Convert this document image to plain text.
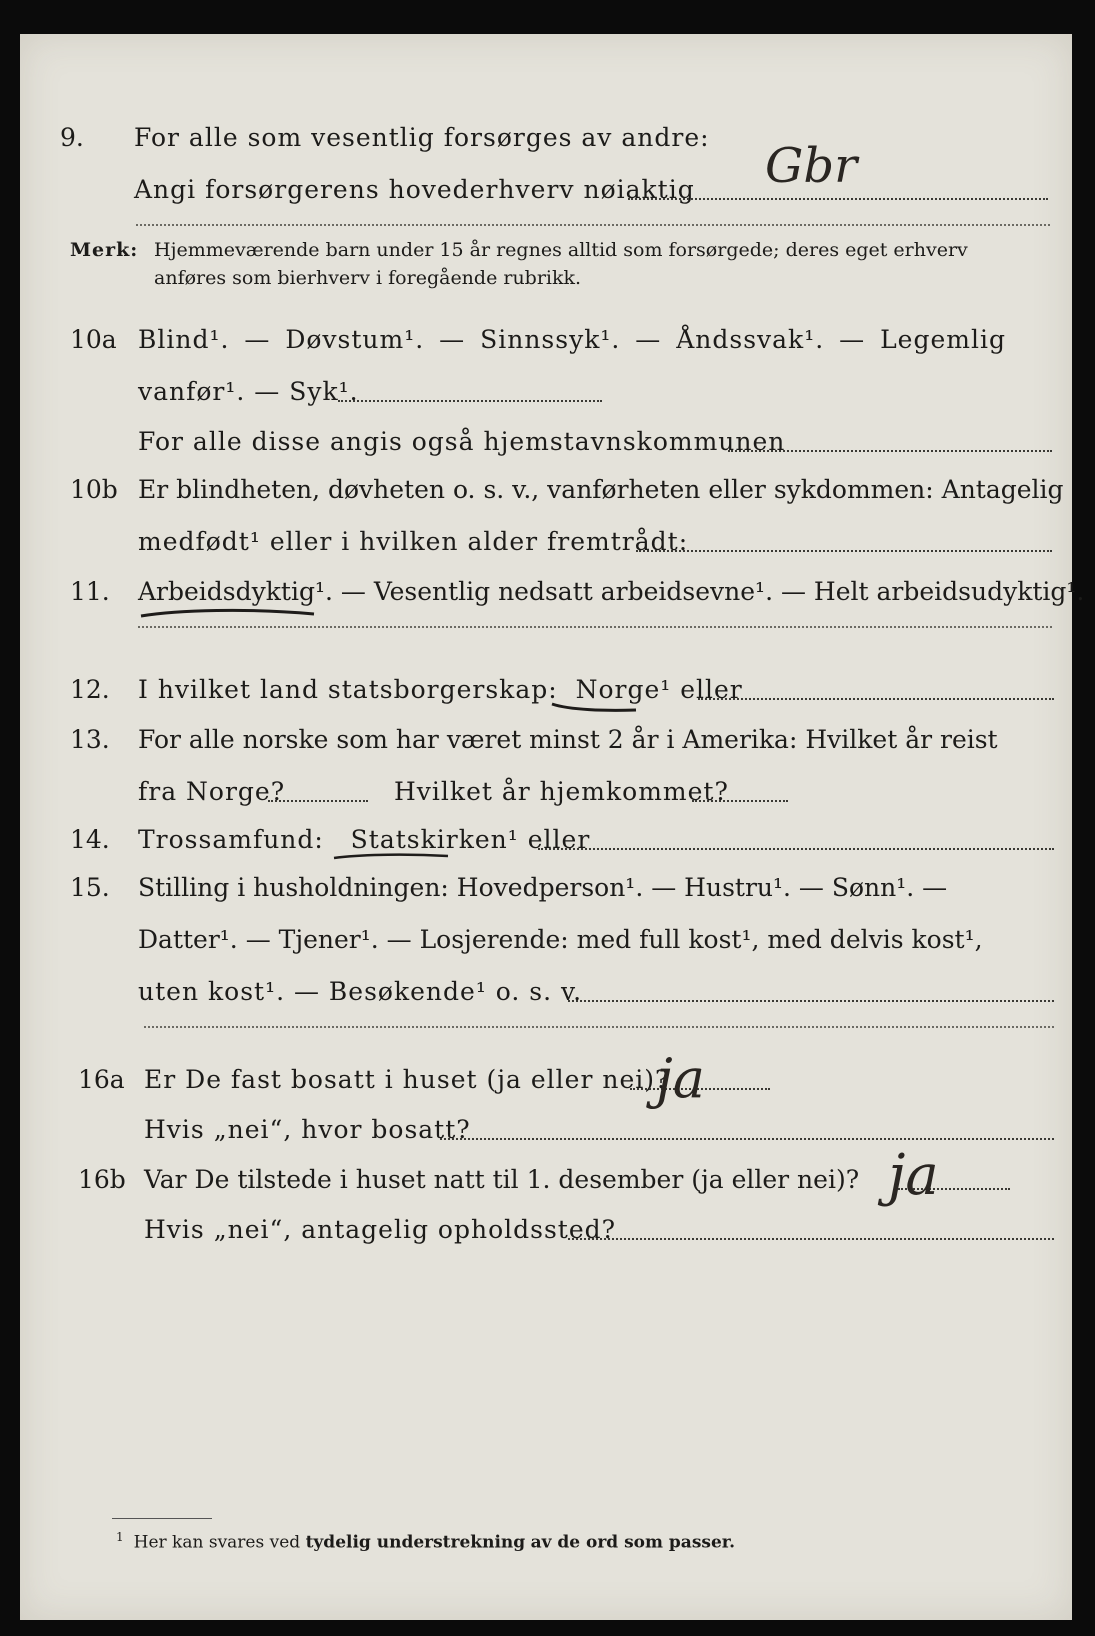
9.	For alle som vesentlig forsørges av andre:
Angi forsørgerens hovederhverv nøiaktig Gbr
Merk: Hjemmeværende barn under 15 år regnes alltid som forsørgede; deres eget erhverv
anføres som bierhverv i foregående rubrikk.
10a Blind¹. — Døvstum¹. — Sinnssyk¹. — Åndssvak¹. — Legemlig
vanfør¹. — Syk¹.
For alle disse angis også hjemstavnskommunen
10b Er blindheten, døvheten o. s. v., vanførheten eller sykdommen: Antagelig
medfødt¹ eller i hvilken alder fremtrådt:
11.	Arbeidsdyktig ¹. — Vesentlig nedsatt arbeidsevne¹. — Helt arbeidsudyktig¹.
12.	I hvilket land statsborgerskap:
Norge ¹ eller
13.	For alle norske som har været minst 2 år i Amerika: Hvilket år reist
fra Norge?	Hvilket år hjemkommet?
14.	Trossamfund:
Statskirken ¹ eller
15.	Stilling i husholdningen: Hovedperson¹. — Hustru¹. — Sønn¹. —
Datter¹. — Tjener¹. — Losjerende: med full kost¹, med delvis kost¹,
uten kost¹. — Besøkende¹ o. s. v.
16a Er De fast bosatt i huset (ja eller nei)?
ja
Hvis „nei“, hvor bosatt?
16b Var De tilstede i huset natt til 1. desember (ja eller nei)? ja
Hvis „nei“, antagelig opholdssted?
$^1$ Her kan svares ved tydelig understrekning av de ord som passer.
